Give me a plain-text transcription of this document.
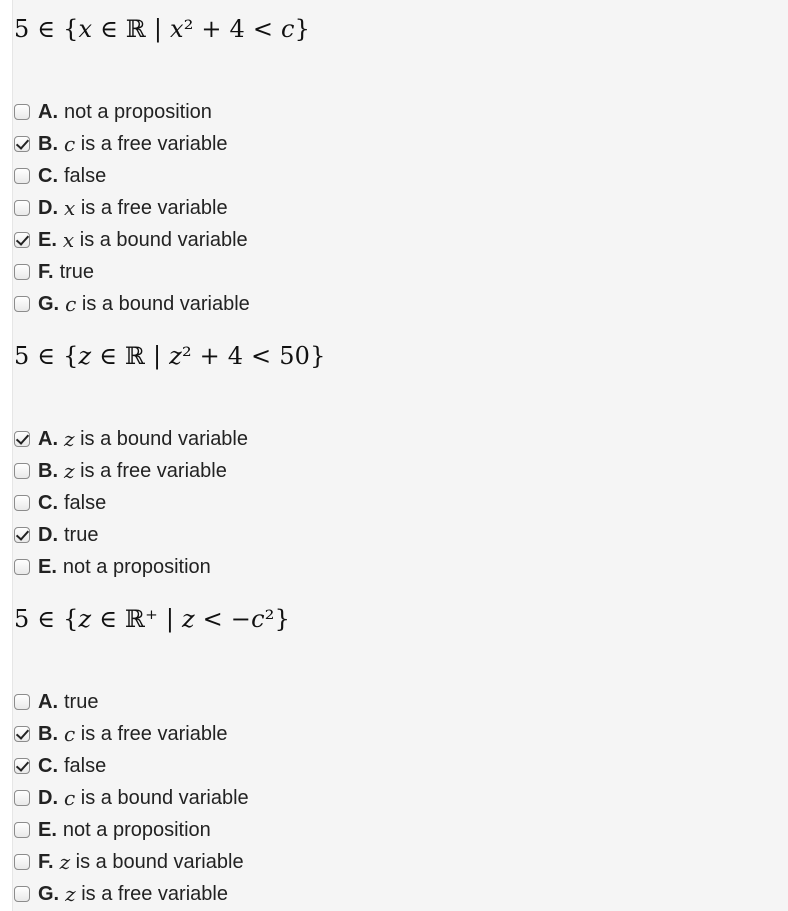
5 ∈ {𝑥 ∈ ℝ | 𝑥² + 4 < 𝑐}
A. not a proposition
B. c
is a free variable
C. false
D. x
is a free variable
E. x
is a bound variable
F. true
G. c
is a bound variable
5 ∈ {𝑧 ∈ ℝ | 𝑧² + 4 < 50}
A. z
is a bound variable
B. z
is a free variable
C. false
D. true
E. not a proposition
5 ∈ {𝑧 ∈ ℝ⁺ | 𝑧 < −𝑐²}
A. true
B. c
is a free variable
C. false
D. c
is a bound variable
E. not a proposition
F. z
is a bound variable
G. z
is a free variable
